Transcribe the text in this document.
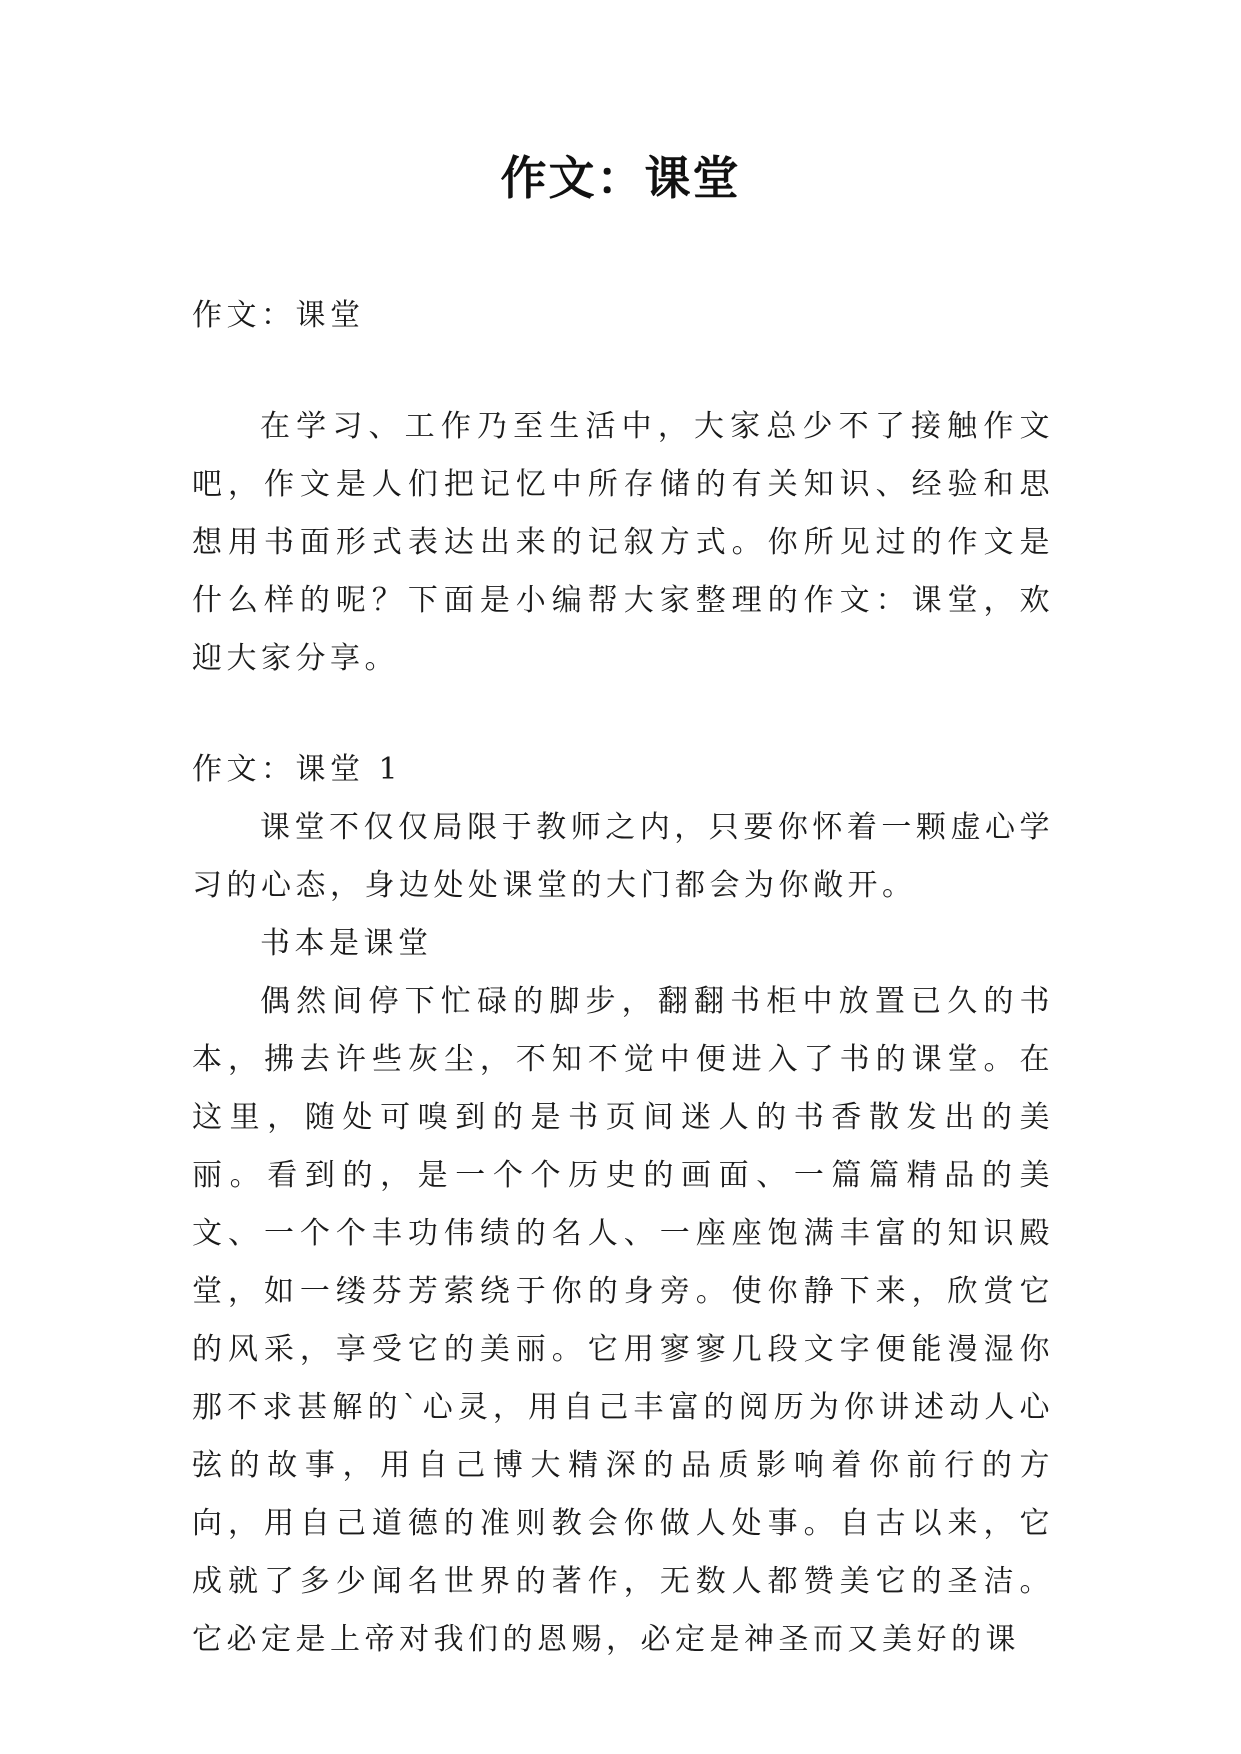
作文：课堂

作文：课堂

在学习、工作乃至生活中，大家总少不了接触作文吧，作文是人们把记忆中所存储的有关知识、经验和思想用书面形式表达出来的记叙方式。你所见过的作文是什么样的呢？下面是小编帮大家整理的作文：课堂，欢迎大家分享。

作文：课堂 1

课堂不仅仅局限于教师之内，只要你怀着一颗虚心学习的心态，身边处处课堂的大门都会为你敞开。

书本是课堂

偶然间停下忙碌的脚步，翻翻书柜中放置已久的书本，拂去许些灰尘，不知不觉中便进入了书的课堂。在这里，随处可嗅到的是书页间迷人的书香散发出的美丽。看到的，是一个个历史的画面、一篇篇精品的美文、一个个丰功伟绩的名人、一座座饱满丰富的知识殿堂，如一缕芬芳萦绕于你的身旁。使你静下来，欣赏它的风采，享受它的美丽。它用寥寥几段文字便能漫湿你那不求甚解的`心灵，用自己丰富的阅历为你讲述动人心弦的故事，用自己博大精深的品质影响着你前行的方向，用自己道德的准则教会你做人处事。自古以来，它成就了多少闻名世界的著作，无数人都赞美它的圣洁。它必定是上帝对我们的恩赐，必定是神圣而又美好的课
